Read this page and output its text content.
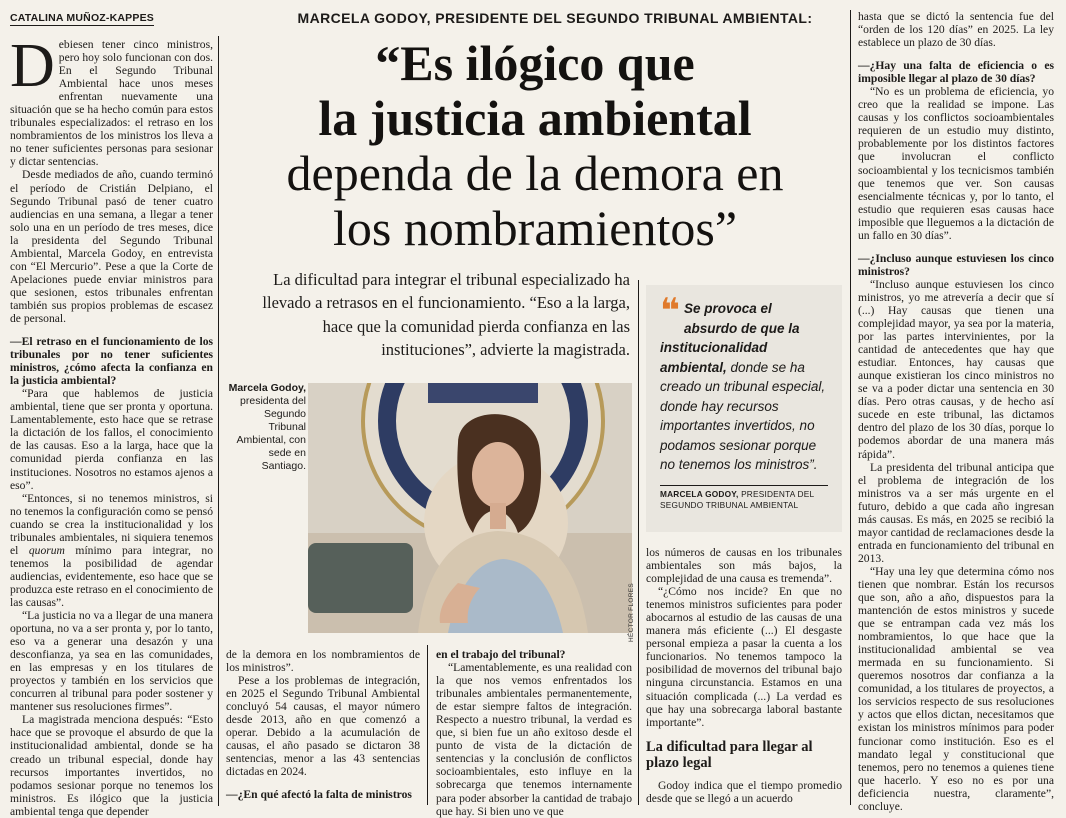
CATALINA MUÑOZ-KAPPES	MARCELA GODOY, PRESIDENTE DEL SEGUNDO TRIBUNAL AMBIENTAL:
“Es ilógico que
la justicia ambiental
dependa de la demora en
los nombramientos”
La dificultad para integrar el tribunal especializado ha llevado a retrasos en el funcionamiento. “Eso a la larga, hace que la comunidad pierda confianza en las instituciones”, advierte la magistrada.

Debiesen tener cinco ministros, pero hoy solo funcionan con dos. En el Segundo Tribunal Ambiental hace unos meses enfrentan nuevamente una situación que se ha hecho común para estos tribunales especializados: el retraso en los nombramientos de los ministros los lleva a no tener suficientes personas para sesionar y dictar sentencias.

Desde mediados de año, cuando terminó el período de Cristián Delpiano, el Segundo Tribunal pasó de tener cuatro audiencias en una semana, a llegar a tener solo una en un período de tres meses, dice la presidenta del Segundo Tribunal Ambiental, Marcela Godoy, en entrevista con “El Mercurio”. Pese a que la Corte de Apelaciones puede enviar ministros para que sesionen, estos tribunales enfrentan también sus propios problemas de escasez de personal.

—El retraso en el funcionamiento de los tribunales por no tener suficientes ministros, ¿cómo afecta la confianza en la justicia ambiental?

“Para que hablemos de justicia ambiental, tiene que ser pronta y oportuna. Lamentablemente, esto hace que se retrase la dictación de los fallos, el conocimiento de las causas. Eso a la larga, hace que la comunidad pierda confianza en las instituciones. Nosotros no estamos ajenos a eso”.

“Entonces, si no tenemos ministros, si no tenemos la configuración como se pensó cuando se crea la institucionalidad y los tribunales ambientales, ni siquiera tenemos el quorum mínimo para integrar, no tenemos la posibilidad de agendar audiencias, evidentemente, eso hace que se produzca este retraso en el conocimiento de las causas”.

“La justicia no va a llegar de una manera oportuna, no va a ser pronta y, por lo tanto, eso va a generar una desazón y una desconfianza, ya sea en las comunidades, en las empresas y en los titulares de proyectos y también en los servicios que concurren al tribunal para poder sostener y mantener sus resoluciones firmes”.

La magistrada menciona después: “Esto hace que se provoque el absurdo de que la institucionalidad ambiental, donde se ha creado un tribunal especial, donde hay recursos importantes invertidos, no podamos sesionar porque no tenemos los ministros. Es ilógico que la justicia ambiental tenga que depender

Marcela Godoy, presidenta del Segundo Tribunal Ambiental, con sede en Santiago.
HÉCTOR FLORES

de la demora en los nombramientos de los ministros”.

Pese a los problemas de integración, en 2025 el Segundo Tribunal Ambiental concluyó 54 causas, el mayor número desde 2013, año en que comenzó a operar. Debido a la acumulación de causas, el año pasado se dictaron 38 sentencias, menor a las 43 sentencias dictadas en 2024.

—¿En qué afectó la falta de ministros

en el trabajo del tribunal?

“Lamentablemente, es una realidad con la que nos vemos enfrentados los tribunales ambientales permanentemente, de estar siempre faltos de integración. Respecto a nuestro tribunal, la verdad es que, si bien fue un año exitoso desde el punto de vista de la dictación de sentencias y la conclusión de conflictos socioambientales, esto influye en la sobrecarga que tenemos internamente para poder absorber la cantidad de trabajo que hay. Si bien uno ve que

❝ Se provoca el absurdo de que la institucionalidad ambiental, donde se ha creado un tribunal especial, donde hay recursos importantes invertidos, no podamos sesionar porque no tenemos los ministros”.

MARCELA GODOY, PRESIDENTA DEL SEGUNDO TRIBUNAL AMBIENTAL

los números de causas en los tribunales ambientales son más bajos, la complejidad de una causa es tremenda”.

“¿Cómo nos incide? En que no tenemos ministros suficientes para poder abocarnos al estudio de las causas de una manera más eficiente (...) El desgaste personal empieza a pasar la cuenta a los funcionarios. No tenemos tampoco la posibilidad de movernos del tribunal bajo ninguna circunstancia. Estamos en una situación complicada (...) La verdad es que hay una sobrecarga laboral bastante importante”.

La dificultad para llegar al plazo legal

Godoy indica que el tiempo promedio desde que se llegó a un acuerdo

hasta que se dictó la sentencia fue del “orden de los 120 días” en 2025. La ley establece un plazo de 30 días.

—¿Hay una falta de eficiencia o es imposible llegar al plazo de 30 días?

“No es un problema de eficiencia, yo creo que la realidad se impone. Las causas y los conflictos socioambientales requieren de un estudio muy distinto, probablemente por los distintos factores que involucran el conflicto socioambiental y los tecnicismos también que tenemos que ver. Son causas esencialmente técnicas y, por lo tanto, el estudio que requieren esas causas hace imposible que lleguemos a la dictación de un fallo en 30 días”.

—¿Incluso aunque estuviesen los cinco ministros?

“Incluso aunque estuviesen los cinco ministros, yo me atrevería a decir que sí (...) Hay causas que tienen una complejidad mayor, ya sea por la materia, por las partes intervinientes, por la cantidad de antecedentes que hay que estudiar. Entonces, hay causas que aunque existieran los cinco ministros no se va a poder dictar una sentencia en 30 días. Pero otras causas, y de hecho así sucede en este tribunal, las dictamos dentro del plazo de los 30 días, porque lo podemos abordar de una manera más rápida”.

La presidenta del tribunal anticipa que el problema de integración de los ministros va a ser más urgente en el futuro, debido a que cada año ingresan más causas. Es más, en 2025 se recibió la mayor cantidad de reclamaciones desde la entrada en funcionamiento del tribunal en 2013.

“Hay una ley que determina cómo nos tienen que nombrar. Están los recursos que son, año a año, dispuestos para la mantención de estos ministros y sucede que se entrampan cada vez más los nombramientos, lo que hace que la institucionalidad ambiental se vea mermada en su funcionamiento. Si queremos nosotros dar confianza a la comunidad, a los titulares de proyectos, a los servicios respecto de sus resoluciones y actos que ellos dictan, necesitamos que existan los ministros mínimos para poder funcionar como institución. Eso es el mandato legal y constitucional que tenemos, pero no tenemos a quienes tiene que hacerlo. Y eso no es por una deficiencia nuestra, claramente”, concluye.
